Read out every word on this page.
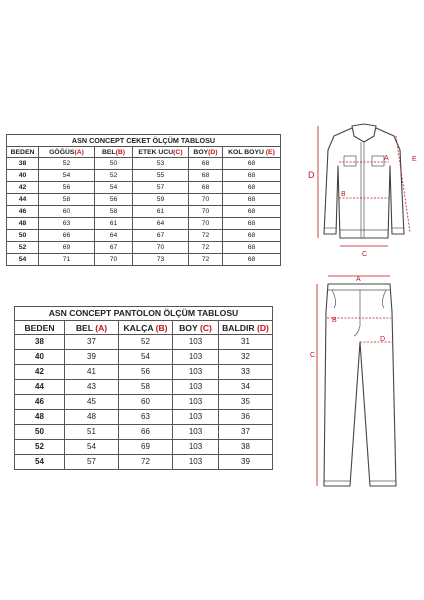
ASN CONCEPT CEKET ÖLÇÜM TABLOSU
BEDEN	GÖĞÜS(A)	BEL(B)	ETEK UCU(C)	BOY(D)	KOL BOYU (E)
38	52	50	53	68	68
40	54	52	55	68	68
42	56	54	57	68	68
44	58	56	59	70	68
46	60	58	61	70	68
48	63	61	64	70	68
50	66	64	67	72	68
52	69	67	70	72	68
54	71	70	73	72	68
ASN CONCEPT PANTOLON ÖLÇÜM TABLOSU
BEDEN	BEL (A)	KALÇA (B)	BOY (C)	BALDIR (D)
38	37	52	103	31
40	39	54	103	32
42	41	56	103	33
44	43	58	103	34
46	45	60	103	35
48	48	63	103	36
50	51	66	103	37
52	54	69	103	38
54	57	72	103	39
A
B
C
D
E
A
B
C
D
